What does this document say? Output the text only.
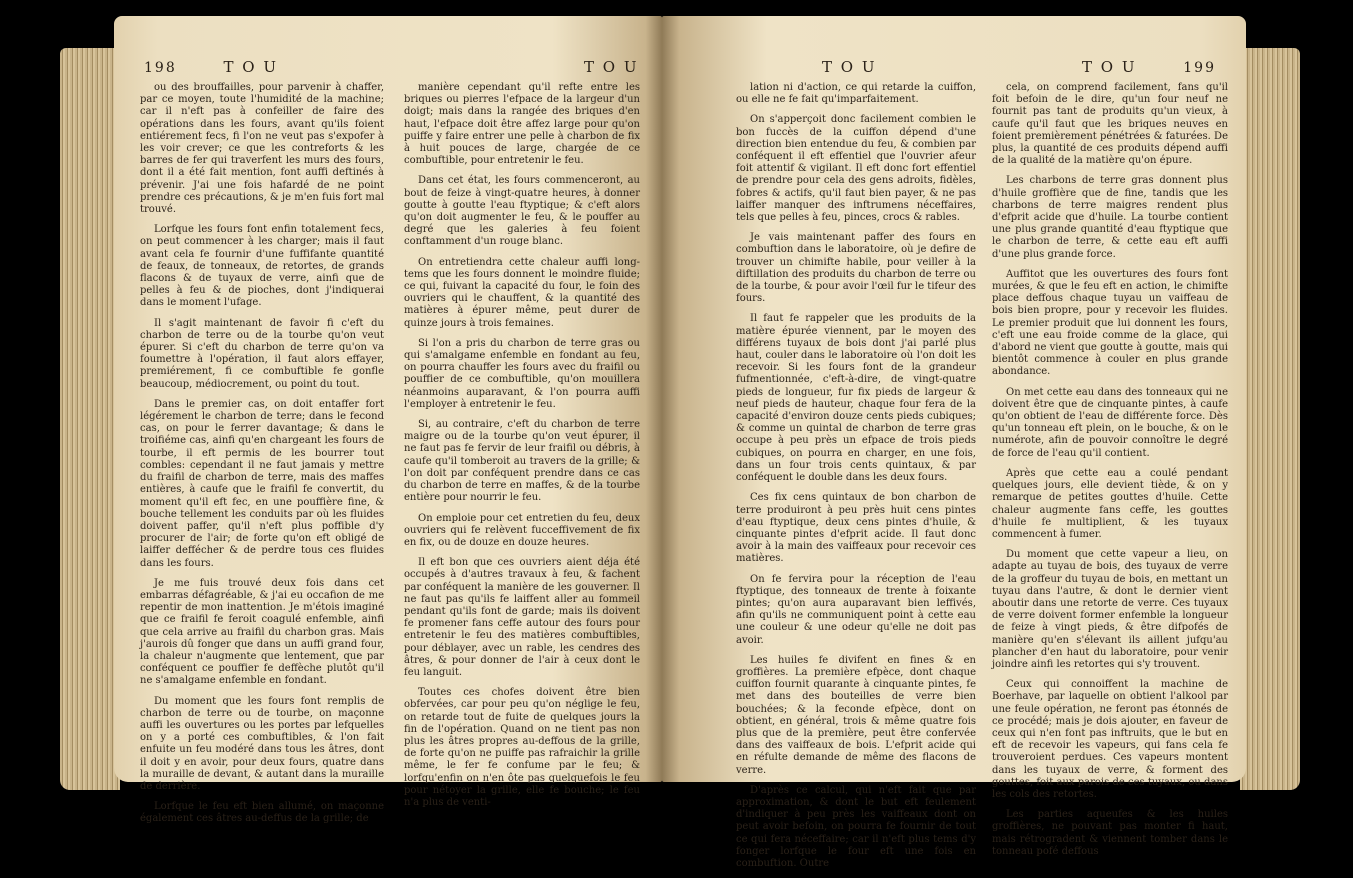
198	T O U	T O U

ou des brouffailles, pour parvenir à chaffer, par ce moyen, toute l'humidité de la machine; car il n'eft pas à confeiller de faire des opérations dans les fours, avant qu'ils foient entiérement fecs, fi l'on ne veut pas s'expofer à les voir crever; ce que les contreforts & les barres de fer qui traverfent les murs des fours, dont il a été fait mention, font auffi deftinés à prévenir. J'ai une fois hafardé de ne point prendre ces précautions, & je m'en fuis fort mal trouvé.

Lorfque les fours font enfin totalement fecs, on peut commencer à les charger; mais il faut avant cela fe fournir d'une fuffifante quantité de feaux, de tonneaux, de retortes, de grands flacons & de tuyaux de verre, ainfi que de pelles à feu & de pioches, dont j'indiquerai dans le moment l'ufage.

Il s'agit maintenant de favoir fi c'eft du charbon de terre ou de la tourbe qu'on veut épurer. Si c'eft du charbon de terre qu'on va foumettre à l'opération, il faut alors effayer, premiérement, fi ce combuftible fe gonfle beaucoup, médiocrement, ou point du tout.

Dans le premier cas, on doit entaffer fort légérement le charbon de terre; dans le fecond cas, on pour le ferrer davantage; & dans le troifiéme cas, ainfi qu'en chargeant les fours de tourbe, il eft permis de les bourrer tout combles: cependant il ne faut jamais y mettre du fraifil de charbon de terre, mais des maffes entières, à caufe que le fraifil fe convertit, du moment qu'il eft fec, en une pouffière fine, & bouche tellement les conduits par où les fluides doivent paffer, qu'il n'eft plus poffible d'y procurer de l'air; de forte qu'on eft obligé de laiffer deffécher & de perdre tous ces fluides dans les fours.

Je me fuis trouvé deux fois dans cet embarras défagréable, & j'ai eu occafion de me repentir de mon inattention. Je m'étois imaginé que ce fraifil fe feroit coagulé enfemble, ainfi que cela arrive au fraifil du charbon gras. Mais j'aurois dû fonger que dans un auffi grand four, la chaleur n'augmente que lentement, que par conféquent ce pouffier fe deffèche plutôt qu'il ne s'amalgame enfemble en fondant.

Du moment que les fours font remplis de charbon de terre ou de tourbe, on maçonne auffi les ouvertures ou les portes par lefquelles on y a porté ces combuftibles, & l'on fait enfuite un feu modéré dans tous les âtres, dont il doit y en avoir, pour deux fours, quatre dans la muraille de devant, & autant dans la muraille de derrière.

Lorfque le feu eft bien allumé, on maçonne également ces âtres au-deffus de la grille; de

manière cependant qu'il refte entre les briques ou pierres l'efpace de la largeur d'un doigt; mais dans la rangée des briques d'en haut, l'efpace doit être affez large pour qu'on puiffe y faire entrer une pelle à charbon de fix à huit pouces de large, chargée de ce combuftible, pour entretenir le feu.

Dans cet état, les fours commenceront, au bout de feize à vingt-quatre heures, à donner goutte à goutte l'eau ftyptique; & c'eft alors qu'on doit augmenter le feu, & le pouffer au degré que les galeries à feu foient conftamment d'un rouge blanc.

On entretiendra cette chaleur auffi long-tems que les fours donnent le moindre fluide; ce qui, fuivant la capacité du four, le foin des ouvriers qui le chauffent, & la quantité des matières à épurer même, peut durer de quinze jours à trois femaines.

Si l'on a pris du charbon de terre gras ou qui s'amalgame enfemble en fondant au feu, on pourra chauffer les fours avec du fraifil ou pouffier de ce combuftible, qu'on mouillera néanmoins auparavant, & l'on pourra auffi l'employer à entretenir le feu.

Si, au contraire, c'eft du charbon de terre maigre ou de la tourbe qu'on veut épurer, il ne faut pas fe fervir de leur fraifil ou débris, à caufe qu'il tomberoit au travers de la grille; & l'on doit par conféquent prendre dans ce cas du charbon de terre en maffes, & de la tourbe entière pour nourrir le feu.

On emploie pour cet entretien du feu, deux ouvriers qui fe relèvent fucceffivement de fix en fix, ou de douze en douze heures.

Il eft bon que ces ouvriers aient déja été occupés à d'autres travaux à feu, & fachent par conféquent la manière de les gouverner. Il ne faut pas qu'ils fe laiffent aller au fommeil pendant qu'ils font de garde; mais ils doivent fe promener fans ceffe autour des fours pour entretenir le feu des matières combuftibles, pour déblayer, avec un rable, les cendres des âtres, & pour donner de l'air à ceux dont le feu languit.

Toutes ces chofes doivent être bien obfervées, car pour peu qu'on néglige le feu, on retarde tout de fuite de quelques jours la fin de l'opération. Quand on ne tient pas non plus les âtres propres au-deffous de la grille, de forte qu'on ne puiffe pas rafraichir la grille même, le fer fe confume par le feu; & lorfqu'enfin on n'en ôte pas quelquefois le feu pour nétoyer la grille, elle fe bouche; le feu n'a plus de venti-

T O U	T O U	199

lation ni d'action, ce qui retarde la cuiffon, ou elle ne fe fait qu'imparfaitement.

On s'apperçoit donc facilement combien le bon fuccès de la cuiffon dépend d'une direction bien entendue du feu, & combien par conféquent il eft effentiel que l'ouvrier afeur foit attentif & vigilant. Il eft donc fort effentiel de prendre pour cela des gens adroits, fidèles, fobres & actifs, qu'il faut bien payer, & ne pas laiffer manquer des inftrumens néceffaires, tels que pelles à feu, pinces, crocs & rables.

Je vais maintenant paffer des fours en combuftion dans le laboratoire, où je defire de trouver un chimifte habile, pour veiller à la diftillation des produits du charbon de terre ou de la tourbe, & pour avoir l'œil fur le tifeur des fours.

Il faut fe rappeler que les produits de la matière épurée viennent, par le moyen des différens tuyaux de bois dont j'ai parlé plus haut, couler dans le laboratoire où l'on doit les recevoir. Si les fours font de la grandeur fufmentionnée, c'eft-à-dire, de vingt-quatre pieds de longueur, fur fix pieds de largeur & neuf pieds de hauteur, chaque four fera de la capacité d'environ douze cents pieds cubiques; & comme un quintal de charbon de terre gras occupe à peu près un efpace de trois pieds cubiques, on pourra en charger, en une fois, dans un four trois cents quintaux, & par conféquent le double dans les deux fours.

Ces fix cens quintaux de bon charbon de terre produiront à peu près huit cens pintes d'eau ftyptique, deux cens pintes d'huile, & cinquante pintes d'efprit acide. Il faut donc avoir à la main des vaiffeaux pour recevoir ces matières.

On fe fervira pour la réception de l'eau ftyptique, des tonneaux de trente à foixante pintes; qu'on aura auparavant bien leffivés, afin qu'ils ne communiquent point à cette eau une couleur & une odeur qu'elle ne doit pas avoir.

Les huiles fe divifent en fines & en groffières. La première efpèce, dont chaque cuiffon fournit quarante à cinquante pintes, fe met dans des bouteilles de verre bien bouchées; & la feconde efpèce, dont on obtient, en général, trois & même quatre fois plus que de la première, peut être confervée dans des vaiffeaux de bois. L'efprit acide qui en réfulte demande de même des flacons de verre.

D'après ce calcul, qui n'eft fait que par approximation, & dont le but eft feulement d'indiquer à peu près les vaiffeaux dont on peut avoir befoin, on pourra fe fournir de tout ce qui fera néceffaire; car il n'eft plus tems d'y fonger lorfque le four eft une fois en combuftion. Outre

cela, on comprend facilement, fans qu'il foit befoin de le dire, qu'un four neuf ne fournit pas tant de produits qu'un vieux, à caufe qu'il faut que les briques neuves en foient premièrement pénétrées & faturées. De plus, la quantité de ces produits dépend auffi de la qualité de la matière qu'on épure.

Les charbons de terre gras donnent plus d'huile groffière que de fine, tandis que les charbons de terre maigres rendent plus d'efprit acide que d'huile. La tourbe contient une plus grande quantité d'eau ftyptique que le charbon de terre, & cette eau eft auffi d'une plus grande force.

Auffitot que les ouvertures des fours font murées, & que le feu eft en action, le chimifte place deffous chaque tuyau un vaiffeau de bois bien propre, pour y recevoir les fluides. Le premier produit que lui donnent les fours, c'eft une eau froide comme de la glace, qui d'abord ne vient que goutte à goutte, mais qui bientôt commence à couler en plus grande abondance.

On met cette eau dans des tonneaux qui ne doivent être que de cinquante pintes, à caufe qu'on obtient de l'eau de différente force. Dès qu'un tonneau eft plein, on le bouche, & on le numérote, afin de pouvoir connoître le degré de force de l'eau qu'il contient.

Après que cette eau a coulé pendant quelques jours, elle devient tiède, & on y remarque de petites gouttes d'huile. Cette chaleur augmente fans ceffe, les gouttes d'huile fe multiplient, & les tuyaux commencent à fumer.

Du moment que cette vapeur a lieu, on adapte au tuyau de bois, des tuyaux de verre de la groffeur du tuyau de bois, en mettant un tuyau dans l'autre, & dont le dernier vient aboutir dans une retorte de verre. Ces tuyaux de verre doivent former enfemble la longueur de feize à vingt pieds, & être difpofés de manière qu'en s'élevant ils aillent jufqu'au plancher d'en haut du laboratoire, pour venir joindre ainfi les retortes qui s'y trouvent.

Ceux qui connoiffent la machine de Boerhave, par laquelle on obtient l'alkool par une feule opération, ne feront pas étonnés de ce procédé; mais je dois ajouter, en faveur de ceux qui n'en font pas inftruits, que le but en eft de recevoir les vapeurs, qui fans cela fe trouveroient perdues. Ces vapeurs montent dans les tuyaux de verre, & forment des gouttes, foit aux parois de ces tuyaux, ou dans les cols des retortes.

Les parties aqueufes & les huiles groffières, ne pouvant pas monter fi haut, mais rétrogradent & viennent tomber dans le tonneau pofé deffous
